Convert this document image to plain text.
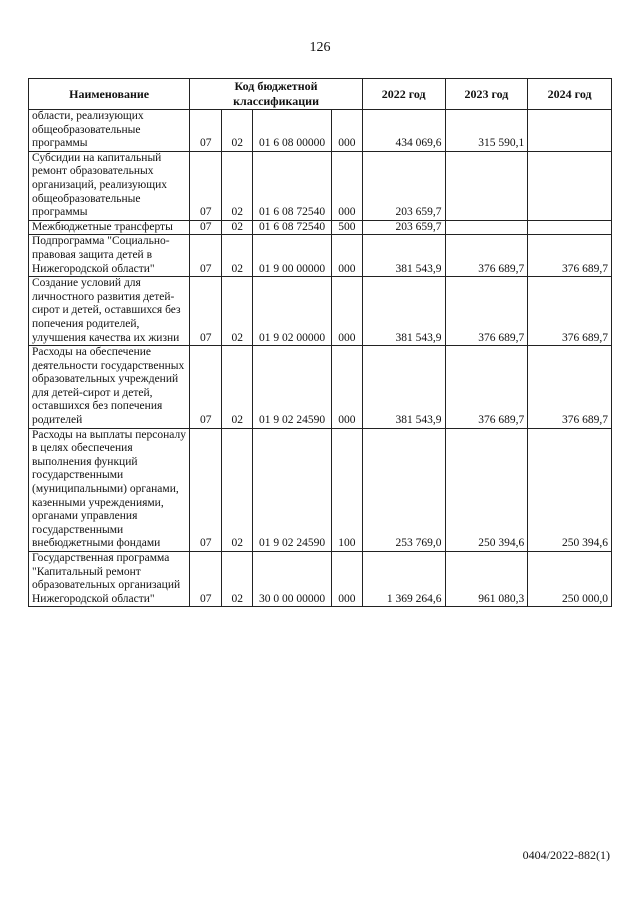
126
Наименование	Код бюджетной классификации				2022 год	2023 год	2024 год
области, реализующих общеобразовательные программы	07	02	01 6 08 00000	000	434 069,6	315 590,1	
Субсидии на капитальный ремонт образовательных организаций, реализующих общеобразовательные программы	07	02	01 6 08 72540	000	203 659,7		
Межбюджетные трансферты	07	02	01 6 08 72540	500	203 659,7		
Подпрограмма "Социально-правовая защита детей в Нижегородской области"	07	02	01 9 00 00000	000	381 543,9	376 689,7	376 689,7
Создание условий для личностного развития детей-сирот и детей, оставшихся без попечения родителей, улучшения качества их жизни	07	02	01 9 02 00000	000	381 543,9	376 689,7	376 689,7
Расходы на обеспечение деятельности государственных образовательных учреждений для детей-сирот и детей, оставшихся без попечения родителей	07	02	01 9 02 24590	000	381 543,9	376 689,7	376 689,7
Расходы на выплаты персоналу в целях обеспечения выполнения функций государственными (муниципальными) органами, казенными учреждениями, органами управления государственными внебюджетными фондами	07	02	01 9 02 24590	100	253 769,0	250 394,6	250 394,6
Государственная программа "Капитальный ремонт образовательных организаций Нижегородской области"	07	02	30 0 00 00000	000	1 369 264,6	961 080,3	250 000,0
0404/2022-882(1)
